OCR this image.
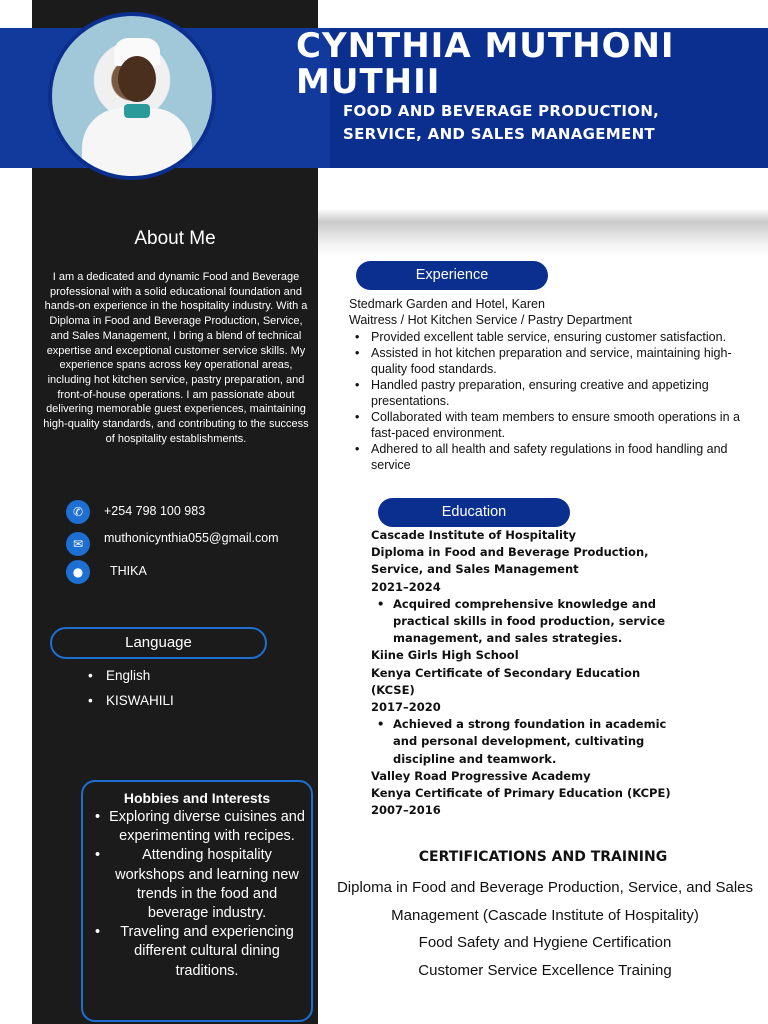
CYNTHIA MUTHONI MUTHII
FOOD AND BEVERAGE PRODUCTION, SERVICE, AND SALES MANAGEMENT
About Me
I am a dedicated and dynamic Food and Beverage professional with a solid educational foundation and hands-on experience in the hospitality industry. With a Diploma in Food and Beverage Production, Service, and Sales Management, I bring a blend of technical expertise and exceptional customer service skills. My experience spans across key operational areas, including hot kitchen service, pastry preparation, and front-of-house operations. I am passionate about delivering memorable guest experiences, maintaining high-quality standards, and contributing to the success of hospitality establishments.
✆	+254 798 100 983
✉	muthonicynthia055@gmail.com
●	THIKA
Language
• English
• KISWAHILI
Hobbies and Interests
• Exploring diverse cuisines and experimenting with recipes.
• Attending hospitality workshops and learning new trends in the food and beverage industry.
• Traveling and experiencing different cultural dining traditions.
Experience
Stedmark Garden and Hotel, Karen
Waitress / Hot Kitchen Service / Pastry Department
• Provided excellent table service, ensuring customer satisfaction.
• Assisted in hot kitchen preparation and service, maintaining high-quality food standards.
• Handled pastry preparation, ensuring creative and appetizing presentations.
• Collaborated with team members to ensure smooth operations in a fast-paced environment.
• Adhered to all health and safety regulations in food handling and service
Education
Cascade Institute of Hospitality
Diploma in Food and Beverage Production, Service, and Sales Management
2021–2024
• Acquired comprehensive knowledge and practical skills in food production, service management, and sales strategies.
Kiine Girls High School
Kenya Certificate of Secondary Education (KCSE)
2017–2020
• Achieved a strong foundation in academic and personal development, cultivating discipline and teamwork.
Valley Road Progressive Academy
Kenya Certificate of Primary Education (KCPE)
2007–2016
CERTIFICATIONS AND TRAINING
Diploma in Food and Beverage Production, Service, and Sales Management (Cascade Institute of Hospitality)
Food Safety and Hygiene Certification
Customer Service Excellence Training
